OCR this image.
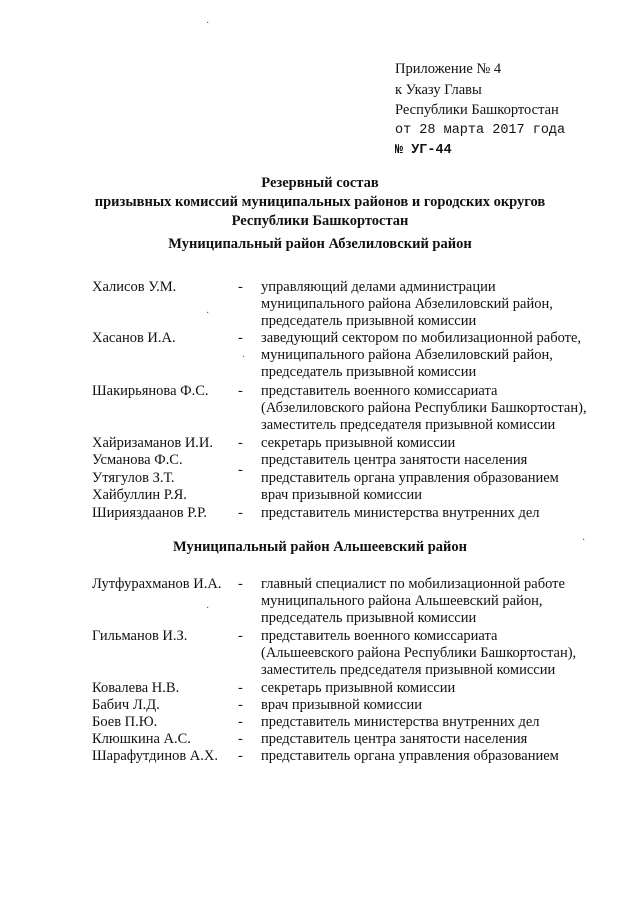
Приложение № 4
к Указу Главы
Республики Башкортостан
от 28 марта 2017 года
№ УГ-44
Резервный состав
призывных комиссий муниципальных районов и городских округов
Республики Башкортостан
Муниципальный район Абзелиловский район
Халисов У.М.	- управляющий делами администрации
муниципального района Абзелиловский район,
председатель призывной комиссии
Хасанов И.А.	- заведующий сектором по мобилизационной работе,
муниципального района Абзелиловский район,
председатель призывной комиссии
Шакирьянова Ф.С. - представитель военного комиссариата
(Абзелиловского района Республики Башкортостан),
заместитель председателя призывной комиссии
Хайризаманов И.И. - секретарь призывной комиссии
Усманова Ф.С.	представитель центра занятости населения
Утягулов З.Т.	- представитель органа управления образованием
Хайбуллин Р.Я.	врач призывной комиссии
Ширияздаанов Р.Р. - представитель министерства внутренних дел
Муниципальный район Альшеевский район
Лутфурахманов И.А. - главный специалист по мобилизационной работе
муниципального района Альшеевский район,
председатель призывной комиссии
Гильманов И.З.	- представитель военного комиссариата
(Альшеевского района Республики Башкортостан),
заместитель председателя призывной комиссии
Ковалева Н.В.	- секретарь призывной комиссии
Бабич Л.Д.	- врач призывной комиссии
Боев П.Ю.	- представитель министерства внутренних дел
Клюшкина А.С.	- представитель центра занятости населения
Шарафутдинов А.Х. - представитель органа управления образованием
·
·
·
·
·
